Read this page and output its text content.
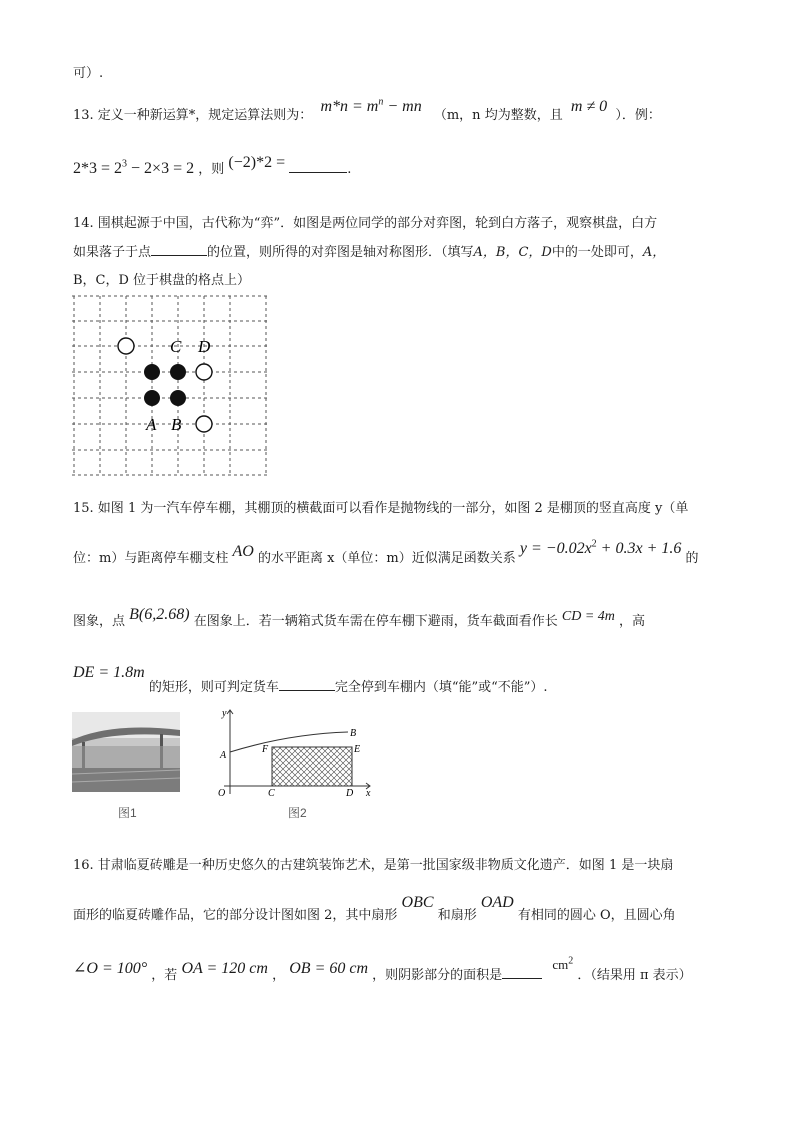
可）.
13. 定义一种新运算*，规定运算法则为： $m*n = m^n$ − mn （m，n 均为整数，且 m ≠ 0 ）．例：
$2*3 = 2^3 - 2\times 3 = 2$ ，则 (−2)*2 =	.
14. 围棋起源于中国，古代称为“弈”．如图是两位同学的部分对弈图，轮到白方落子，观察棋盘，白方
如果落子于点	的位置，则所得的对弈图是轴对称图形．（填写A，B，C，D中的一处即可，A，
B，C，D 位于棋盘的格点上）
C D
A B
15. 如图 1 为一汽车停车棚，其棚顶的横截面可以看作是抛物线的一部分，如图 2 是棚顶的竖直高度 y（单
位：m）与距离停车棚支柱 AO 的水平距离 x（单位：m）近似满足函数关系 $y = -0.02x^2 + 0.3x + 1.6$ 的
图象，点 B(6,2.68) 在图象上．若一辆箱式货车需在停车棚下避雨，货车截面看作长 CD = 4m ，高
DE = 1.8m 的矩形，则可判定货车	完全停到车棚内（填“能”或“不能”）.
图1
y
x
O
A
B
F	E
C	D
图2
16. 甘肃临夏砖雕是一种历史悠久的古建筑装饰艺术，是第一批国家级非物质文化遗产．如图 1 是一块扇
面形的临夏砖雕作品，它的部分设计图如图 2，其中扇形 OBC 和扇形 OAD 有相同的圆心 O，且圆心角
∠O = 100° ，若 OA = 120 cm ， OB = 60 cm ，则阴影部分的面积是 $cm^2$ ．（结果用 π 表示）
